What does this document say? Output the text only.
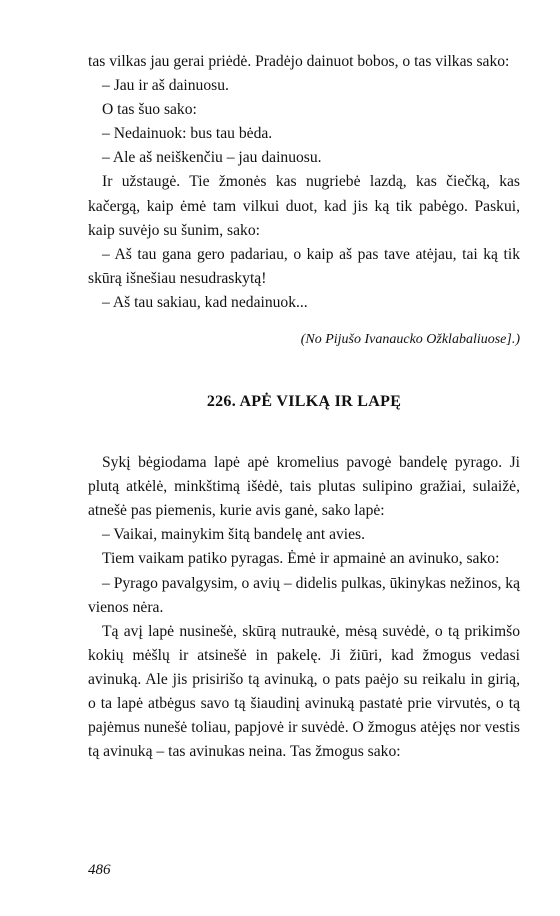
tas vilkas jau gerai priėdė. Pradėjo dainuot bobos, o tas vilkas sako:

– Jau ir aš dainuosu.

O tas šuo sako:

– Nedainuok: bus tau bėda.

– Ale aš neiškenčiu – jau dainuosu.

Ir užstaugė. Tie žmonės kas nugriebė lazdą, kas čiečką, kas kačergą, kaip ėmė tam vilkui duot, kad jis ką tik pabėgo. Paskui, kaip suvėjo su šunim, sako:

– Aš tau gana gero padariau, o kaip aš pas tave atėjau, tai ką tik skūrą išnešiau nesudraskytą!

– Aš tau sakiau, kad nedainuok...

(No Pijušo Ivanaucko Ožklabaliuose].)

226. APĖ VILKĄ IR LAPĘ

Sykį bėgiodama lapė apė kromelius pavogė bandelę pyrago. Ji plutą atkėlė, minkštimą išėdė, tais plutas sulipino gražiai, sulaižė, atnešė pas piemenis, kurie avis ganė, sako lapė:

– Vaikai, mainykim šitą bandelę ant avies.

Tiem vaikam patiko pyragas. Ėmė ir apmainė an avinuko, sako:

– Pyrago pavalgysim, o avių – didelis pulkas, ūkinykas nežinos, ką vienos nėra.

Tą avį lapė nusinešė, skūrą nutraukė, mėsą suvėdė, o tą prikimšo kokių mėšlų ir atsinešė in pakelę. Ji žiūri, kad žmogus vedasi avinuką. Ale jis prisirišo tą avinuką, o pats paėjo su reikalu in girią, o ta lapė atbėgus savo tą šiaudinį avinuką pastatė prie virvutės, o tą pajėmus nunešė toliau, papjovė ir suvėdė. O žmogus atėjęs nor vestis tą avinuką – tas avinukas neina. Tas žmogus sako:

486
